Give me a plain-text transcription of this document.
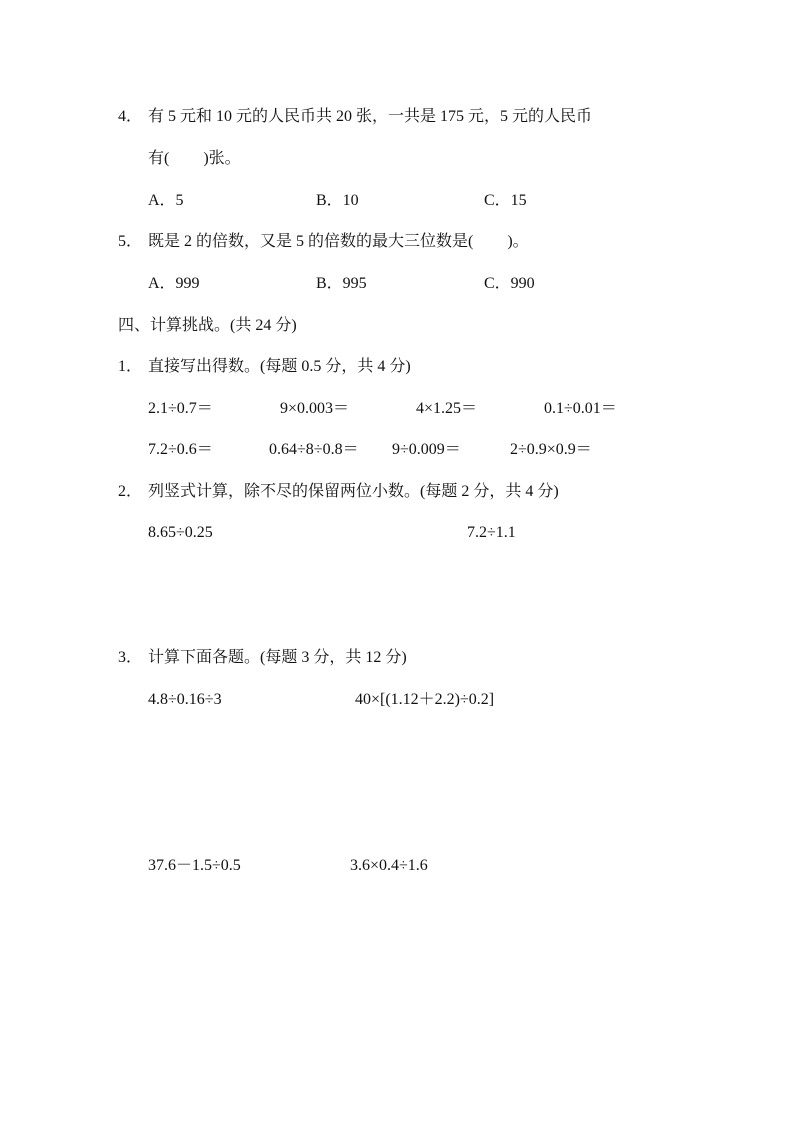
4． 有 5 元和 10 元的人民币共 20 张，一共是 175 元，5 元的人民币
有( )张。
A．5	B．10	C．15
5． 既是 2 的倍数，又是 5 的倍数的最大三位数是( )。
A．999	B．995	C．990
四、计算挑战。(共 24 分)
1． 直接写出得数。(每题 0.5 分，共 4 分)
2.1÷0.7＝	9×0.003＝	4×1.25＝	0.1÷0.01＝
7.2÷0.6＝	0.64÷8÷0.8＝ 9÷0.009＝	2÷0.9×0.9＝
2． 列竖式计算，除不尽的保留两位小数。(每题 2 分，共 4 分)
8.65÷0.25	7.2÷1.1
3． 计算下面各题。(每题 3 分，共 12 分)
4.8÷0.16÷3	40×[(1.12＋2.2)÷0.2]
37.6－1.5÷0.5	3.6×0.4÷1.6
